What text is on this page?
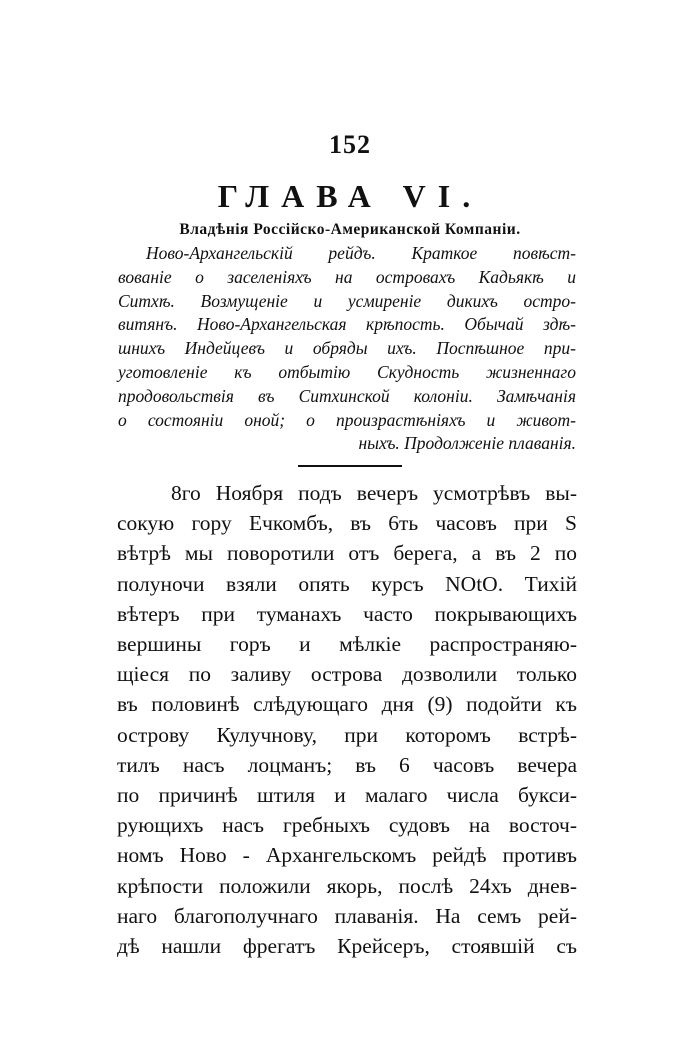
152
ГЛАВА VI.
Владѣнія Россійско-Американской Компаніи.
Ново-Архангельскій рейдъ. Краткое повѣст-
вованіе о заселеніяхъ на островахъ Кадьякѣ и
Ситхѣ. Возмущеніе и усмиреніе дикихъ остро-
витянъ. Ново-Архангельская крѣпость. Обычай здѣ-
шнихъ Индейцевъ и обряды ихъ. Поспѣшное при-
уготовленіе къ отбытію Скудность жизненнаго
продовольствія въ Ситхинской колоніи. Замѣчанія
о состояніи оной; о произрастѣніяхъ и живот-
ныхъ. Продолженіе плаванія.
8го Ноября подъ вечеръ усмотрѣвъ вы-
сокую гору Ечкомбъ, въ 6ть часовъ при S
вѣтрѣ мы поворотили отъ берега, а въ 2 по
полуночи взяли опять курсъ NOtO. Тихій
вѣтеръ при туманахъ часто покрывающихъ
вершины горъ и мѣлкіе распространяю-
щіеся по заливу острова дозволили только
въ половинѣ слѣдующаго дня (9) подойти къ
острову Кулучнову, при которомъ встрѣ-
тилъ насъ лоцманъ; въ 6 часовъ вечера
по причинѣ штиля и малаго числа букси-
рующихъ насъ гребныхъ судовъ на восточ-
номъ Ново - Архангельскомъ рейдѣ противъ
крѣпости положили якорь, послѣ 24хъ днев-
наго благополучнаго плаванія. На семъ рей-
дѣ нашли фрегатъ Крейсеръ, стоявшій съ
